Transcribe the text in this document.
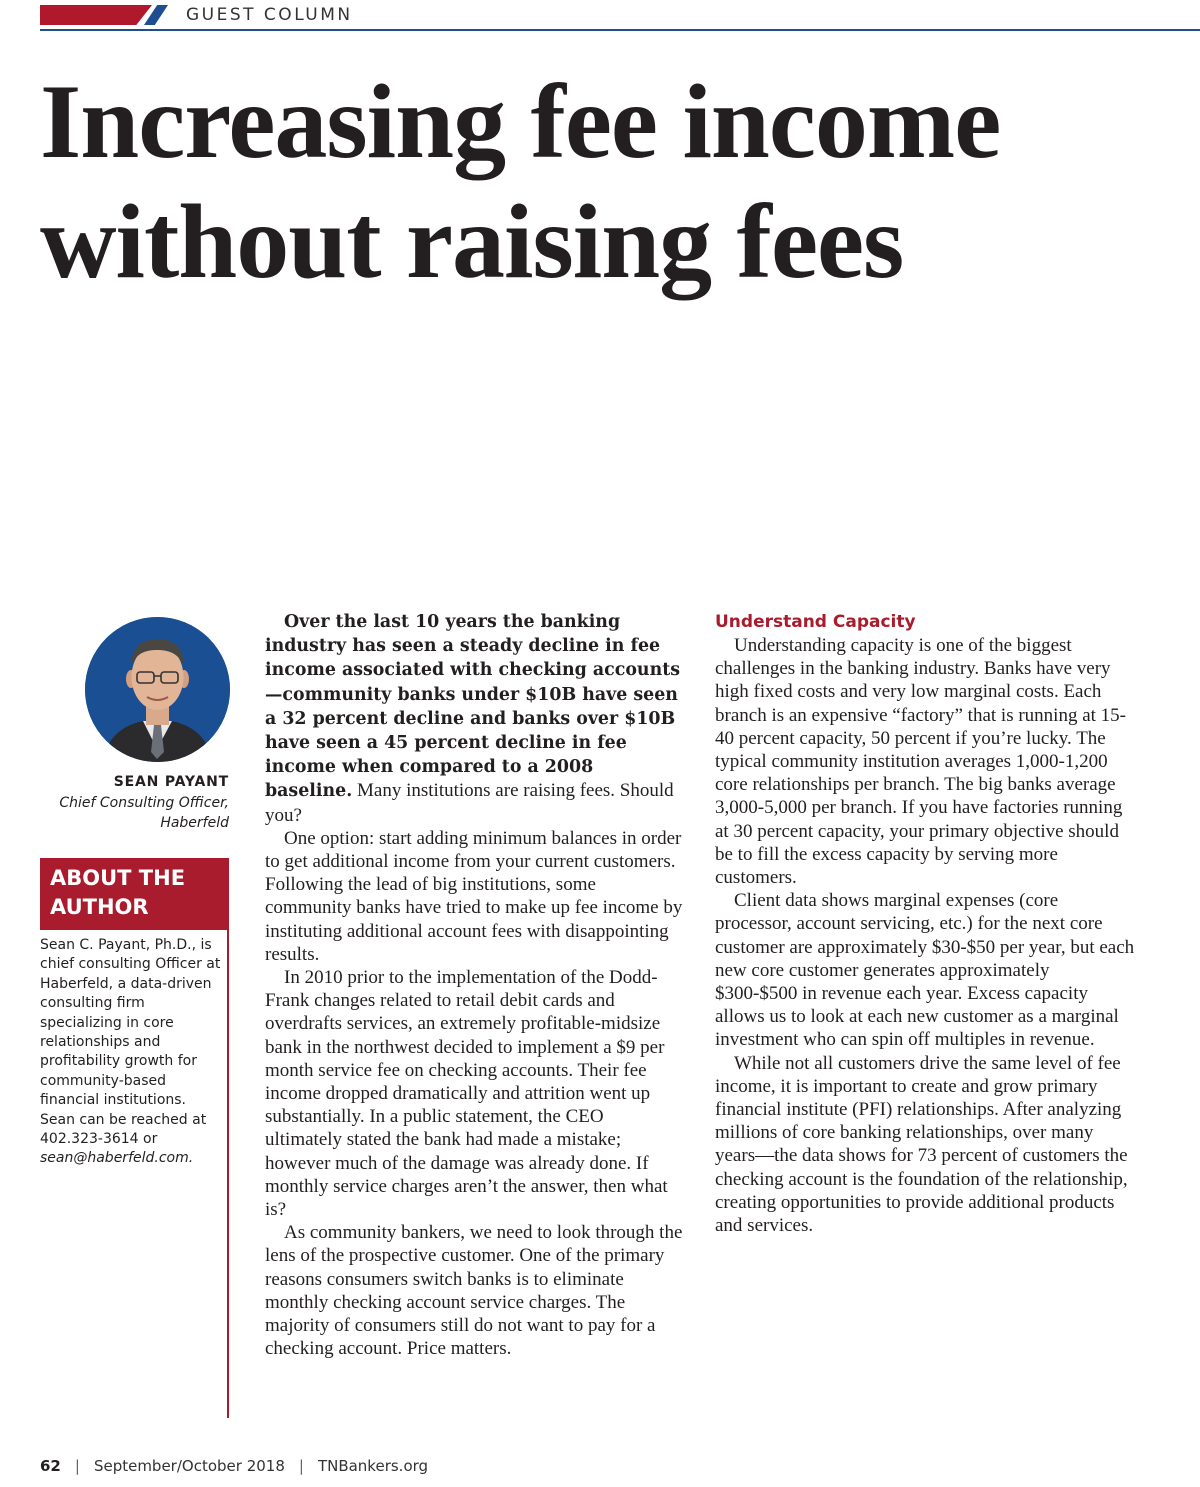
GUEST COLUMN
Increasing fee income without raising fees
SEAN PAYANT
Chief Consulting Officer, Haberfeld
ABOUT THE AUTHOR

Sean C. Payant, Ph.D., is chief consulting Officer at Haberfeld, a data-driven consulting firm specializing in core relationships and profitability growth for community-based financial institutions. Sean can be reached at 402.323-3614 or sean@haberfeld.com.

Over the last 10 years the banking industry has seen a steady decline in fee income associated with checking accounts—community banks under $10B have seen a 32 percent decline and banks over $10B have seen a 45 percent decline in fee income when compared to a 2008 baseline. Many institutions are raising fees. Should you?

One option: start adding minimum balances in order to get additional income from your current customers. Following the lead of big institutions, some community banks have tried to make up fee income by instituting additional account fees with disappointing results.

In 2010 prior to the implementation of the Dodd-Frank changes related to retail debit cards and overdrafts services, an extremely profitable-midsize bank in the northwest decided to implement a $9 per month service fee on checking accounts. Their fee income dropped dramatically and attrition went up substantially. In a public statement, the CEO ultimately stated the bank had made a mistake; however much of the damage was already done. If monthly service charges aren’t the answer, then what is?

As community bankers, we need to look through the lens of the prospective customer. One of the primary reasons consumers switch banks is to eliminate monthly checking account service charges. The majority of consumers still do not want to pay for a checking account. Price matters.

Understand Capacity

Understanding capacity is one of the biggest challenges in the banking industry. Banks have very high fixed costs and very low marginal costs. Each branch is an expensive “factory” that is running at 15-40 percent capacity, 50 percent if you’re lucky. The typical community institution averages 1,000-1,200 core relationships per branch. The big banks average 3,000-5,000 per branch. If you have factories running at 30 percent capacity, your primary objective should be to fill the excess capacity by serving more customers.

Client data shows marginal expenses (core processor, account servicing, etc.) for the next core customer are approximately $30-$50 per year, but each new core customer generates approximately $300-$500 in revenue each year. Excess capacity allows us to look at each new customer as a marginal investment who can spin off multiples in revenue.

While not all customers drive the same level of fee income, it is important to create and grow primary financial institute (PFI) relationships. After analyzing millions of core banking relationships, over many years—the data shows for 73 percent of customers the checking account is the foundation of the relationship, creating opportunities to provide additional products and services.

62 | September/October 2018 | TNBankers.org
